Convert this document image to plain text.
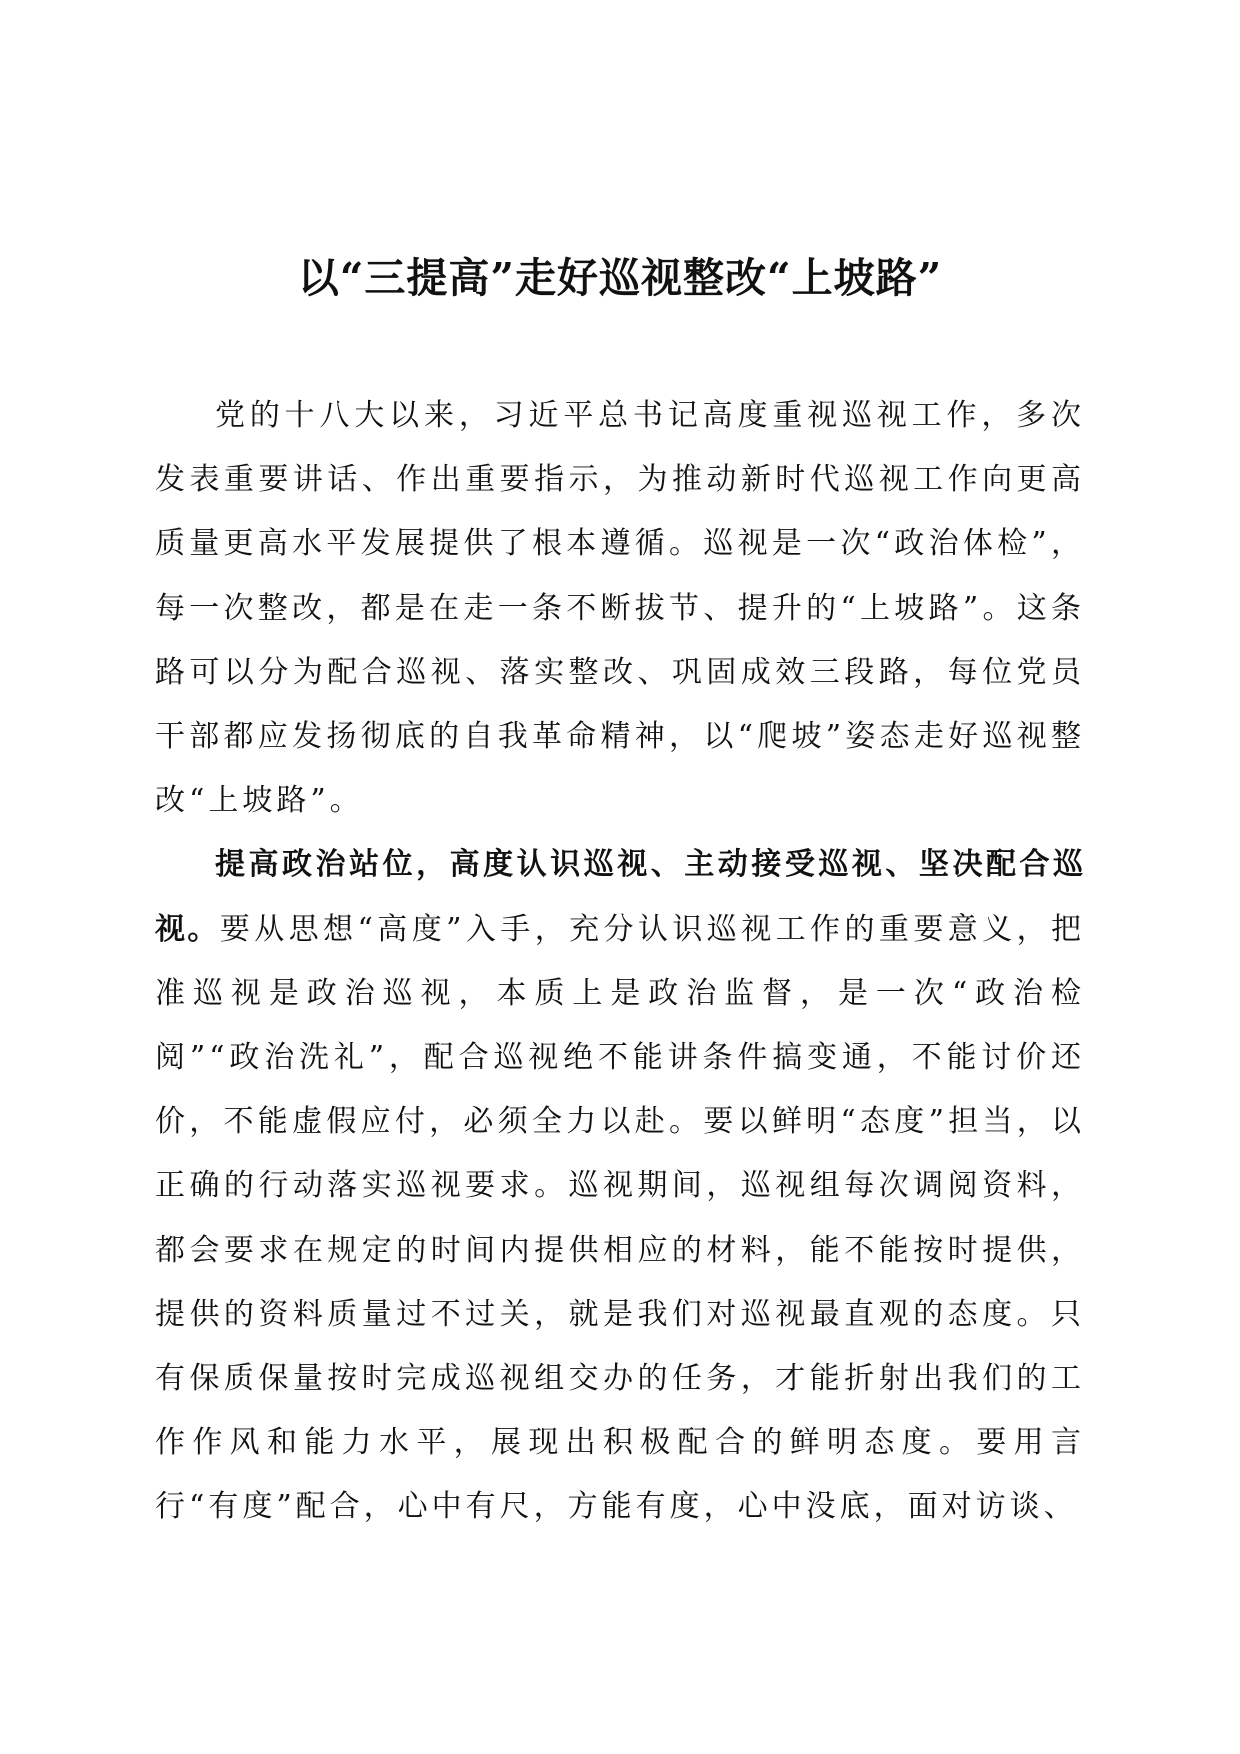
以“三提高”走好巡视整改“上坡路”

党的十八大以来，习近平总书记高度重视巡视工作，多次发表重要讲话、作出重要指示，为推动新时代巡视工作向更高质量更高水平发展提供了根本遵循。巡视是一次“政治体检”，每一次整改，都是在走一条不断拔节、提升的“上坡路”。这条路可以分为配合巡视、落实整改、巩固成效三段路，每位党员干部都应发扬彻底的自我革命精神，以“爬坡”姿态走好巡视整改“上坡路”。

提高政治站位，高度认识巡视、主动接受巡视、坚决配合巡视。要从思想“高度”入手，充分认识巡视工作的重要意义，把准巡视是政治巡视，本质上是政治监督，是一次“政治检阅”“政治洗礼”，配合巡视绝不能讲条件搞变通，不能讨价还价，不能虚假应付，必须全力以赴。要以鲜明“态度”担当，以正确的行动落实巡视要求。巡视期间，巡视组每次调阅资料，都会要求在规定的时间内提供相应的材料，能不能按时提供，提供的资料质量过不过关，就是我们对巡视最直观的态度。只有保质保量按时完成巡视组交办的任务，才能折射出我们的工作作风和能力水平，展现出积极配合的鲜明态度。要用言行“有度”配合，心中有尺，方能有度，心中没底，面对访谈、
